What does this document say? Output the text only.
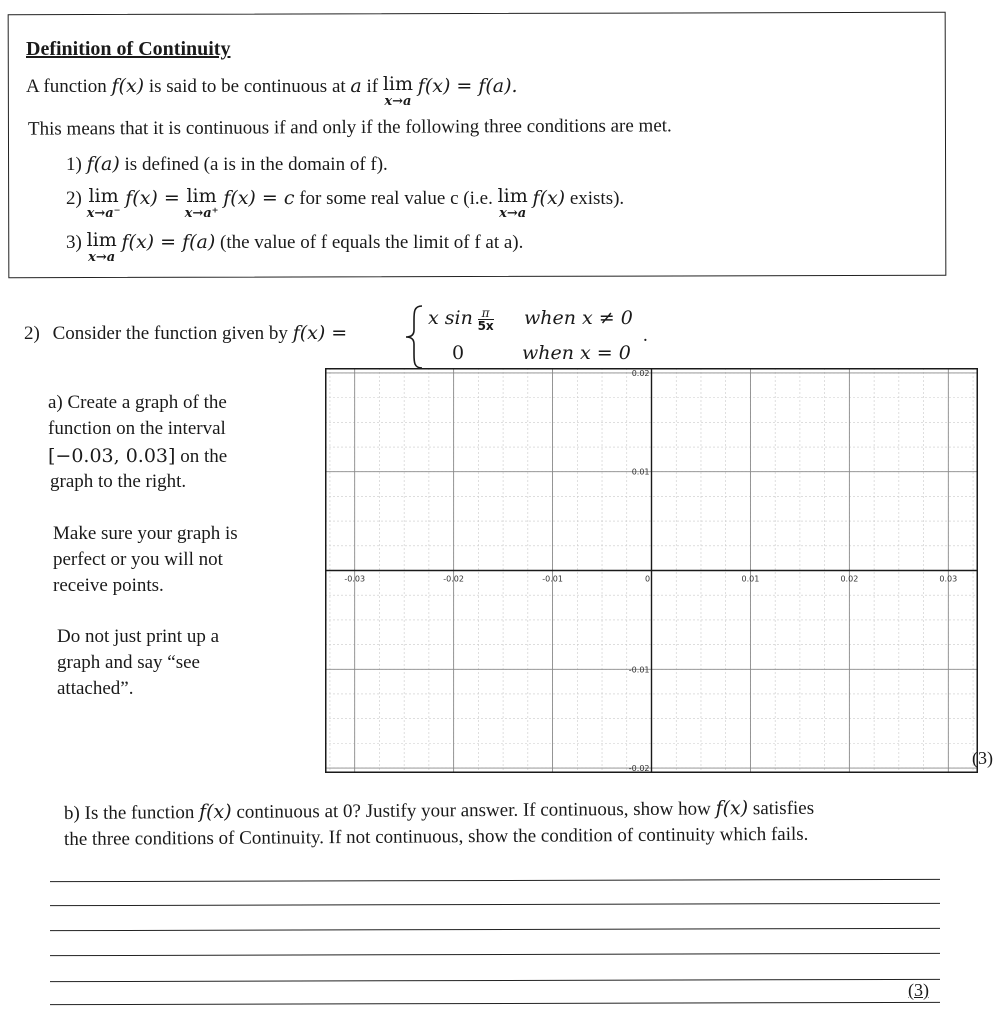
Definition of Continuity
A function f(x) is said to be continuous at a if lim
x→a
f(x) = f(a).
This means that it is continuous if and only if the following three conditions are met.
1) f(a) is defined (a is in the domain of f).
2) lim
x→a⁻
f(x) = lim
x→a⁺
f(x) = c for some real value c (i.e. lim
x→a
f(x) exists).
3) lim
x→a
f(x) = f(a) (the value of f equals the limit of f at a).
2) Consider the function given by f(x) =
x $\sin \frac{\pi}{5x}$ when x ≠ 0
0	when x = 0
.
a) Create a graph of the
function on the interval
[−0.03, 0.03] on the
graph to the right.
Make sure your graph is
perfect or you will not
receive points.
Do not just print up a
graph and say “see
attached”.
-0.03	-0.02	-0.01	0	0.01	0.02	0.03
0.02
0.01
-0.01
-0.02
(3)
b) Is the function f(x) continuous at 0? Justify your answer. If continuous, show how f(x) satisfies
the three conditions of Continuity. If not continuous, show the condition of continuity which fails.
(3)
